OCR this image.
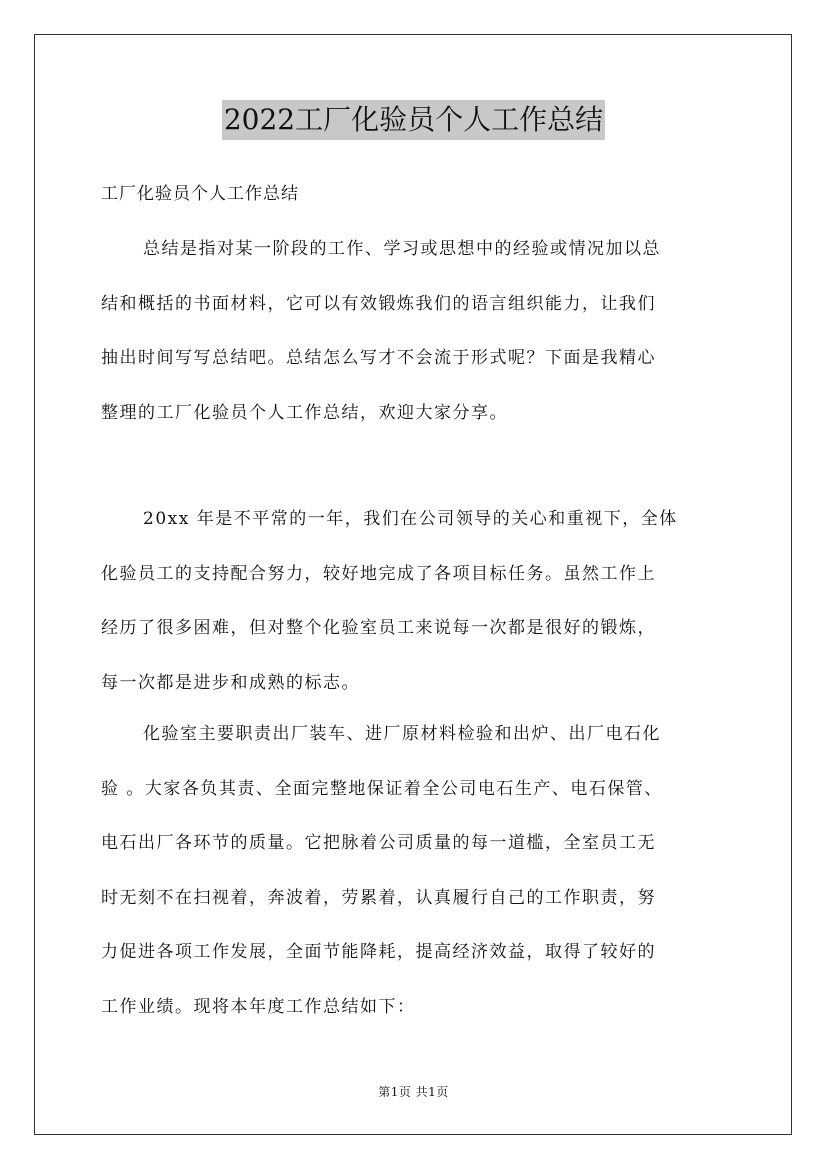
2022工厂化验员个人工作总结
工厂化验员个人工作总结
总结是指对某一阶段的工作、学习或思想中的经验或情况加以总
结和概括的书面材料，它可以有效锻炼我们的语言组织能力，让我们
抽出时间写写总结吧。总结怎么写才不会流于形式呢？下面是我精心
整理的工厂化验员个人工作总结，欢迎大家分享。
20xx 年是不平常的一年，我们在公司领导的关心和重视下，全体
化验员工的支持配合努力，较好地完成了各项目标任务。虽然工作上
经历了很多困难，但对整个化验室员工来说每一次都是很好的锻炼，
每一次都是进步和成熟的标志。
化验室主要职责出厂装车、进厂原材料检验和出炉、出厂电石化
验 。大家各负其责、全面完整地保证着全公司电石生产、电石保管、
电石出厂各环节的质量。它把脉着公司质量的每一道槛，全室员工无
时无刻不在扫视着，奔波着，劳累着，认真履行自己的工作职责，努
力促进各项工作发展，全面节能降耗，提高经济效益，取得了较好的
工作业绩。现将本年度工作总结如下：
第1页 共1页
